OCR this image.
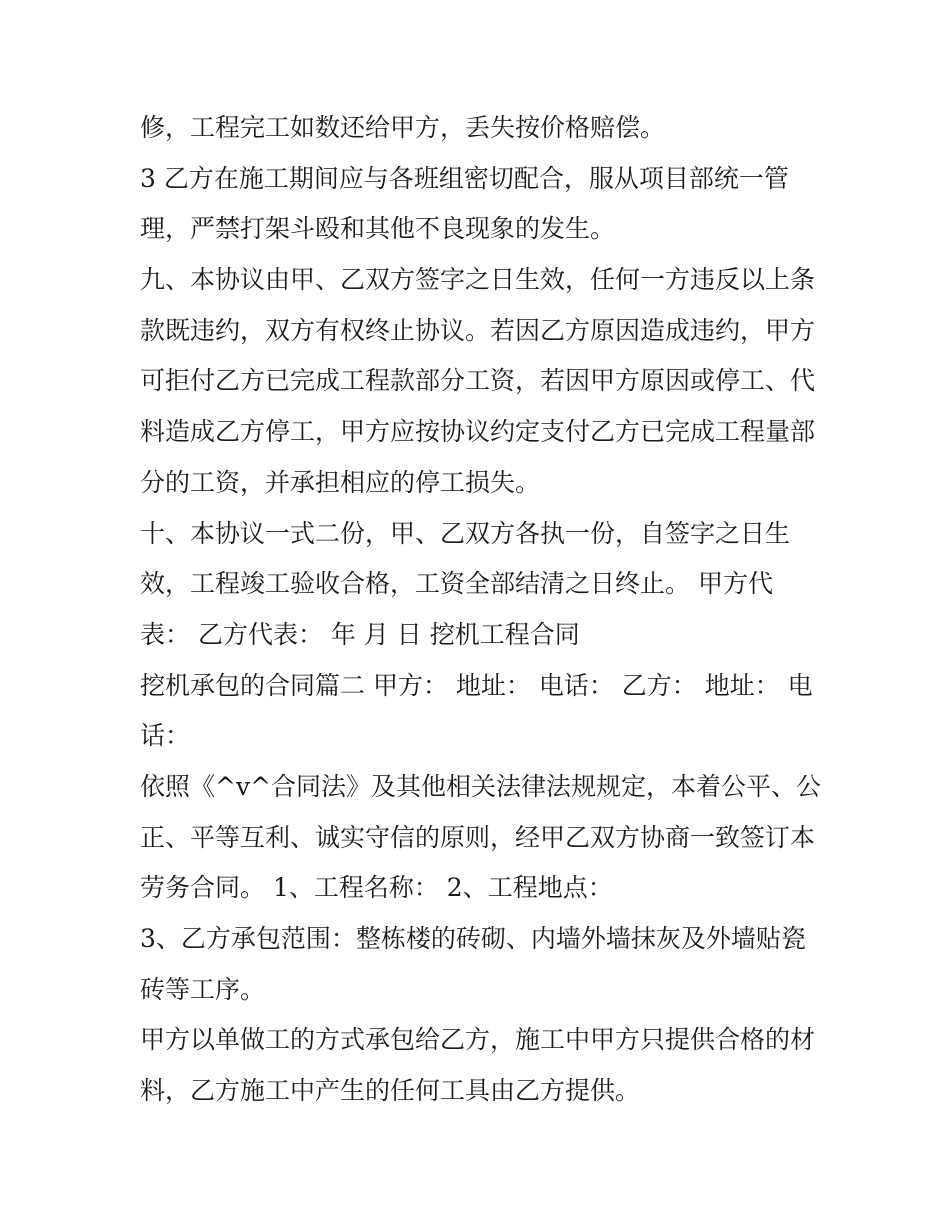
修，工程完工如数还给甲方，丢失按价格赔偿。
3 乙方在施工期间应与各班组密切配合，服从项目部统一管
理，严禁打架斗殴和其他不良现象的发生。
九、本协议由甲、乙双方签字之日生效，任何一方违反以上条
款既违约，双方有权终止协议。若因乙方原因造成违约，甲方
可拒付乙方已完成工程款部分工资，若因甲方原因或停工、代
料造成乙方停工，甲方应按协议约定支付乙方已完成工程量部
分的工资，并承担相应的停工损失。
十、本协议一式二份，甲、乙双方各执一份，自签字之日生
效，工程竣工验收合格，工资全部结清之日终止。 甲方代
表： 乙方代表： 年 月 日 挖机工程合同
挖机承包的合同篇二 甲方： 地址： 电话： 乙方： 地址： 电
话：
依照《^v^合同法》及其他相关法律法规规定，本着公平、公
正、平等互利、诚实守信的原则，经甲乙双方协商一致签订本
劳务合同。 1、工程名称： 2、工程地点：
3、乙方承包范围：整栋楼的砖砌、内墙外墙抹灰及外墙贴瓷
砖等工序。
甲方以单做工的方式承包给乙方，施工中甲方只提供合格的材
料，乙方施工中产生的任何工具由乙方提供。
